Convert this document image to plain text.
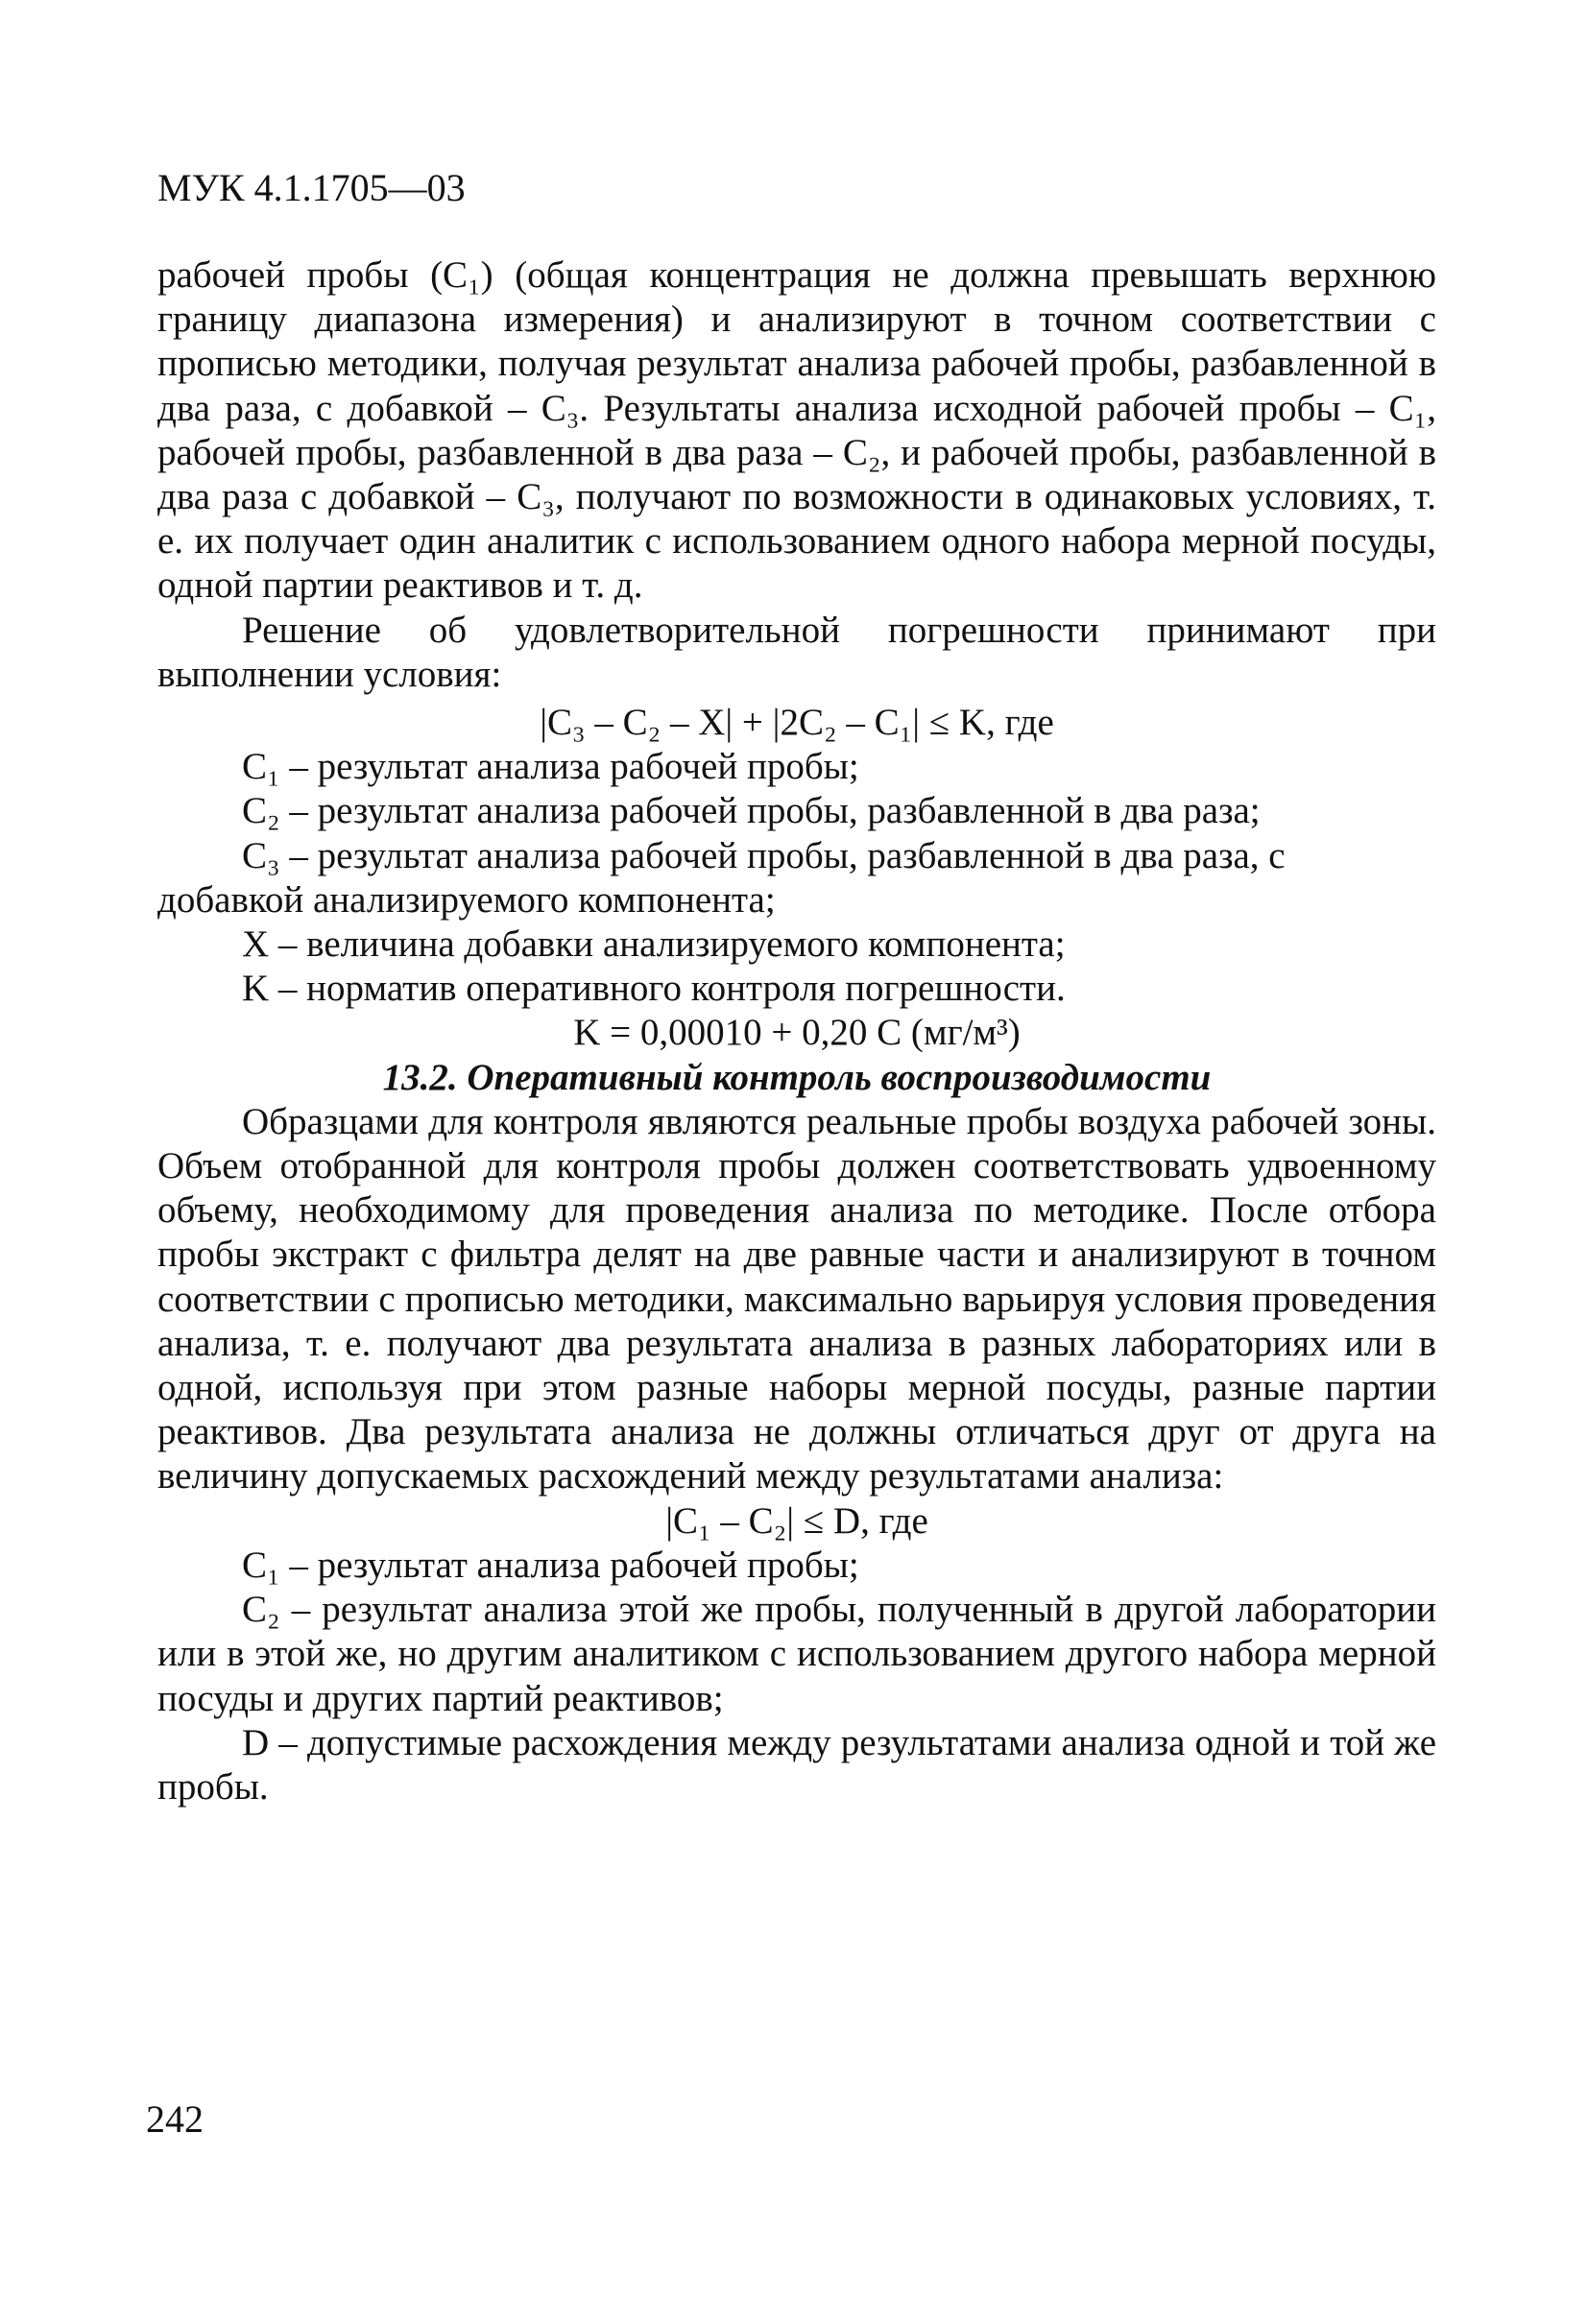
МУК 4.1.1705—03

рабочей пробы (C₁) (общая концентрация не должна превышать верхнюю границу диапазона измерения) и анализируют в точном соответствии с прописью методики, получая результат анализа рабочей пробы, разбавленной в два раза, с добавкой – C₃. Результаты анализа исходной рабочей пробы – C₁, рабочей пробы, разбавленной в два раза – C₂, и рабочей пробы, разбавленной в два раза с добавкой – C₃, получают по возможности в одинаковых условиях, т. е. их получает один аналитик с использованием одного набора мерной посуды, одной партии реактивов и т. д.

Решение об удовлетворительной погрешности принимают при выполнении условия:

|C₃ – C₂ – X| + |2C₂ – C₁| ≤ K, где

C₁ – результат анализа рабочей пробы;

C₂ – результат анализа рабочей пробы, разбавленной в два раза;

C₃ – результат анализа рабочей пробы, разбавленной в два раза, с

добавкой анализируемого компонента;

X – величина добавки анализируемого компонента;

K – норматив оперативного контроля погрешности.

K = 0,00010 + 0,20 C (мг/м³)

13.2. Оперативный контроль воспроизводимости

Образцами для контроля являются реальные пробы воздуха рабочей зоны. Объем отобранной для контроля пробы должен соответствовать удвоенному объему, необходимому для проведения анализа по методике. После отбора пробы экстракт с фильтра делят на две равные части и анализируют в точном соответствии с прописью методики, максимально варьируя условия проведения анализа, т. е. получают два результата анализа в разных лабораториях или в одной, используя при этом разные наборы мерной посуды, разные партии реактивов. Два результата анализа не должны отличаться друг от друга на величину допускаемых расхождений между результатами анализа:

|C₁ – C₂| ≤ D, где

C₁ – результат анализа рабочей пробы;

C₂ – результат анализа этой же пробы, полученный в другой лаборатории или в этой же, но другим аналитиком с использованием другого набора мерной посуды и других партий реактивов;

D – допустимые расхождения между результатами анализа одной и той же пробы.

242
